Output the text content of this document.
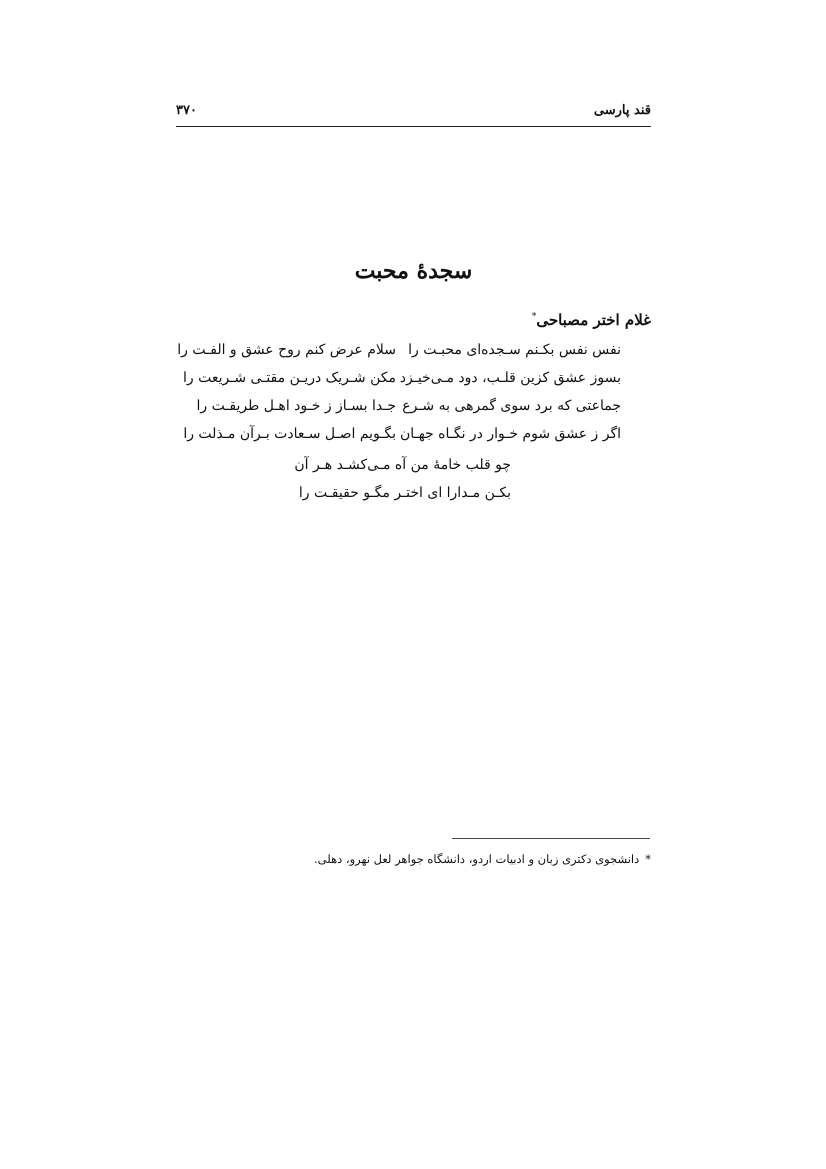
قند پارسی
۳۷۰
سجدۀ محبت
غلام اختر مصباحی*
نفس نفس بکـنم سـجده‌ای محبـت را
سلام عرض کنم روح عشق و الفـت را
بسوز عشق کزین قلـب، دود مـی‌خیـزد
مکن شـریک دریـن مقتـی شـریعت را
جماعتی که برد سوی گمرهی به شـرع
جـدا بسـاز ز خـود اهـل طریقـت را
اگر ز عشق شوم خـوار در نگـاه جهـان
بگـویم اصـل سـعادت بـرآن مـذلت را
چو قلب خامۀ من آه مـی‌کشـد هـر آن
بکـن مـدارا ای اختـر مگـو حقیقـت را
*دانشجوی دکتری زبان و ادبیات اردو، دانشگاه جواهر لعل نهرو، دهلی.
